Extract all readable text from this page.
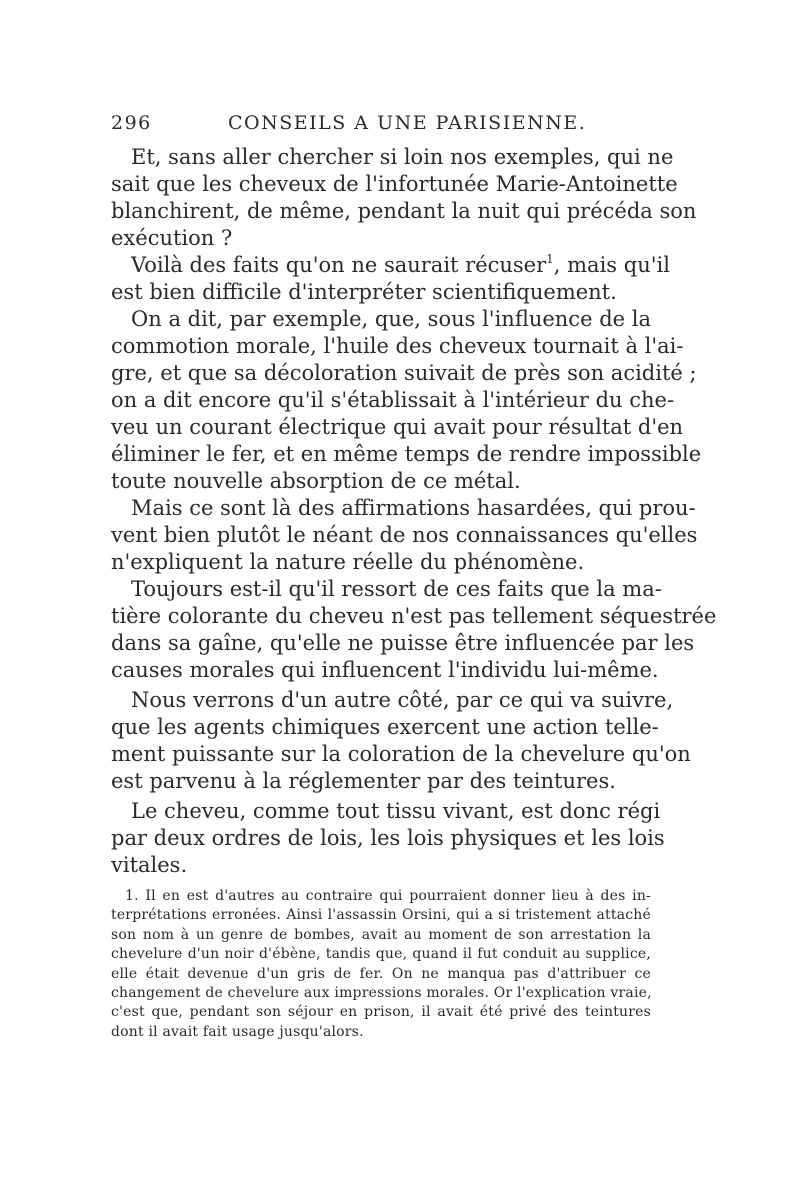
296	CONSEILS A UNE PARISIENNE.
Et, sans aller chercher si loin nos exemples, qui ne
sait que les cheveux de l'infortunée Marie-Antoinette
blanchirent, de même, pendant la nuit qui précéda son
exécution ?
Voilà des faits qu'on ne saurait récuser$^1$, mais qu'il
est bien difficile d'interpréter scientifiquement.
On a dit, par exemple, que, sous l'influence de la
commotion morale, l'huile des cheveux tournait à l'ai-
gre, et que sa décoloration suivait de près son acidité ;
on a dit encore qu'il s'établissait à l'intérieur du che-
veu un courant électrique qui avait pour résultat d'en
éliminer le fer, et en même temps de rendre impossible
toute nouvelle absorption de ce métal.
Mais ce sont là des affirmations hasardées, qui prou-
vent bien plutôt le néant de nos connaissances qu'elles
n'expliquent la nature réelle du phénomène.
Toujours est-il qu'il ressort de ces faits que la ma-
tière colorante du cheveu n'est pas tellement séquestrée
dans sa gaîne, qu'elle ne puisse être influencée par les
causes morales qui influencent l'individu lui-même.
Nous verrons d'un autre côté, par ce qui va suivre,
que les agents chimiques exercent une action telle-
ment puissante sur la coloration de la chevelure qu'on
est parvenu à la réglementer par des teintures.
Le cheveu, comme tout tissu vivant, est donc régi
par deux ordres de lois, les lois physiques et les lois
vitales.
1. Il en est d'autres au contraire qui pourraient donner lieu à des in-
terprétations erronées. Ainsi l'assassin Orsini, qui a si tristement attaché
son nom à un genre de bombes, avait au moment de son arrestation la
chevelure d'un noir d'ébène, tandis que, quand il fut conduit au supplice,
elle était devenue d'un gris de fer. On ne manqua pas d'attribuer ce
changement de chevelure aux impressions morales. Or l'explication vraie,
c'est que, pendant son séjour en prison, il avait été privé des teintures
dont il avait fait usage jusqu'alors.
